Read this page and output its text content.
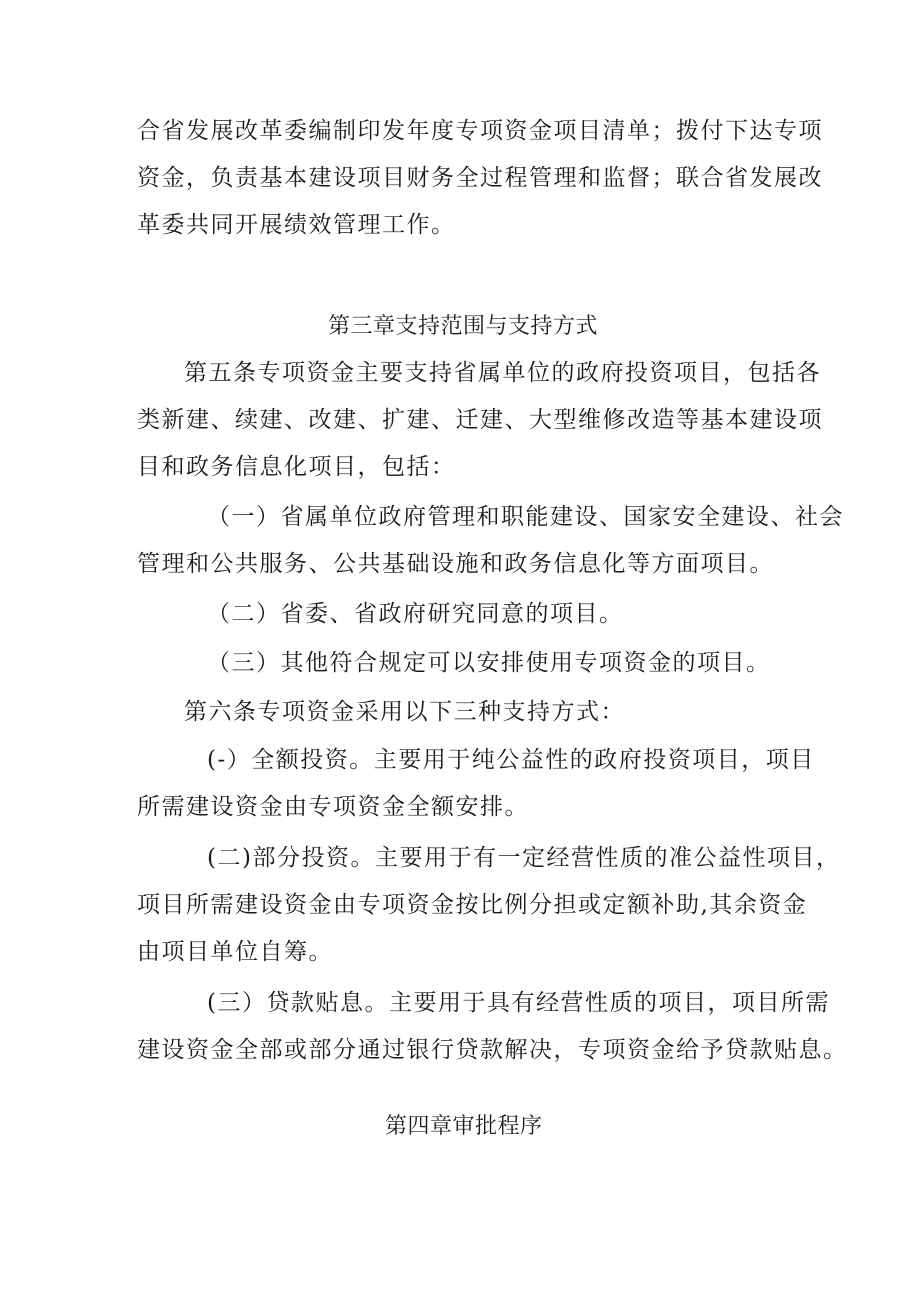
合省发展改革委编制印发年度专项资金项目清单；拨付下达专项
资金，负责基本建设项目财务全过程管理和监督；联合省发展改
革委共同开展绩效管理工作。
第三章支持范围与支持方式
第五条专项资金主要支持省属单位的政府投资项目，包括各
类新建、续建、改建、扩建、迁建、大型维修改造等基本建设项
目和政务信息化项目，包括：
（一）省属单位政府管理和职能建设、国家安全建设、社会
管理和公共服务、公共基础设施和政务信息化等方面项目。
（二）省委、省政府研究同意的项目。
（三）其他符合规定可以安排使用专项资金的项目。
第六条专项资金采用以下三种支持方式：
(-）全额投资。主要用于纯公益性的政府投资项目，项目
所需建设资金由专项资金全额安排。
(二)部分投资。主要用于有一定经营性质的准公益性项目，
项目所需建设资金由专项资金按比例分担或定额补助,其余资金
由项目单位自筹。
(三）贷款贴息。主要用于具有经营性质的项目，项目所需
建设资金全部或部分通过银行贷款解决，专项资金给予贷款贴息。
第四章审批程序
